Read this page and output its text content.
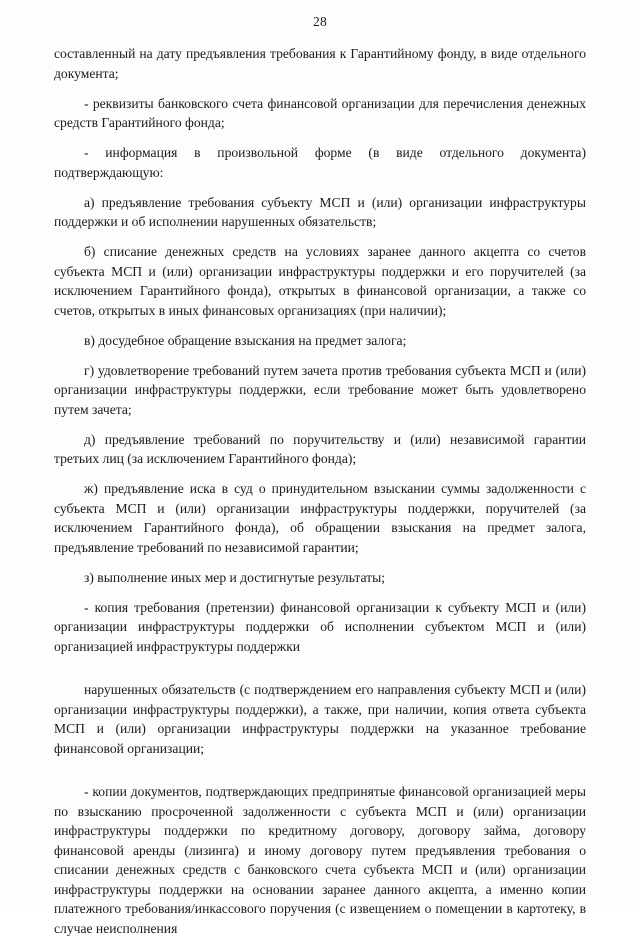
28

составленный на дату предъявления требования к Гарантийному фонду, в виде отдельного документа;

- реквизиты банковского счета финансовой организации для перечисления денежных средств Гарантийного фонда;

- информация в произвольной форме (в виде отдельного документа) подтверждающую:

а) предъявление требования субъекту МСП и (или) организации инфраструктуры поддержки и об исполнении нарушенных обязательств;

б) списание денежных средств на условиях заранее данного акцепта со счетов субъекта МСП и (или) организации инфраструктуры поддержки и его поручителей (за исключением Гарантийного фонда), открытых в финансовой организации, а также со счетов, открытых в иных финансовых организациях (при наличии);

в) досудебное обращение взыскания на предмет залога;

г) удовлетворение требований путем зачета против требования субъекта МСП и (или) организации инфраструктуры поддержки, если требование может быть удовлетворено путем зачета;

д) предъявление требований по поручительству и (или) независимой гарантии третьих лиц (за исключением Гарантийного фонда);

ж) предъявление иска в суд о принудительном взыскании суммы задолженности с субъекта МСП и (или) организации инфраструктуры поддержки, поручителей (за исключением Гарантийного фонда), об обращении взыскания на предмет залога, предъявление требований по независимой гарантии;

з) выполнение иных мер и достигнутые результаты;

- копия требования (претензии) финансовой организации к субъекту МСП и (или) организации инфраструктуры поддержки об исполнении субъектом МСП и (или) организацией инфраструктуры поддержки

нарушенных обязательств (с подтверждением его направления субъекту МСП и (или) организации инфраструктуры поддержки), а также, при наличии, копия ответа субъекта МСП и (или) организации инфраструктуры поддержки на указанное требование финансовой организации;

- копии документов, подтверждающих предпринятые финансовой организацией меры по взысканию просроченной задолженности с субъекта МСП и (или) организации инфраструктуры поддержки по кредитному договору, договору займа, договору финансовой аренды (лизинга) и иному договору путем предъявления требования о списании денежных средств с банковского счета субъекта МСП и (или) организации инфраструктуры поддержки на основании заранее данного акцепта, а именно копии платежного требования/инкассового поручения (с извещением о помещении в картотеку, в случае неисполнения
